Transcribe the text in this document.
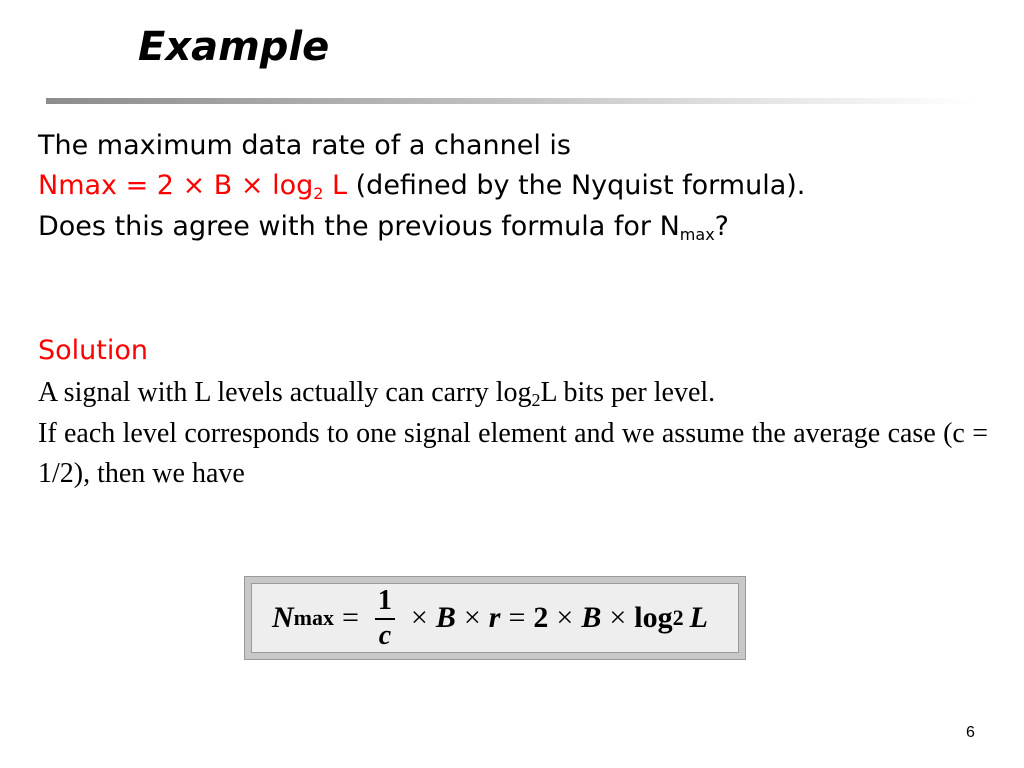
Example
The maximum data rate of a channel is
$Nmax = 2 \times B \times \log_2 L$ (defined by the Nyquist formula).
Does this agree with the previous formula for $N_{max}$?
Solution
A signal with L levels actually can carry $\log_2L$ bits per level.
If each level corresponds to one signal element and we assume the average case (c = 1/2), then we have
N $\max = \frac{1}{c} \times B \times r = 2 \times B \times \log 2$ L
6
